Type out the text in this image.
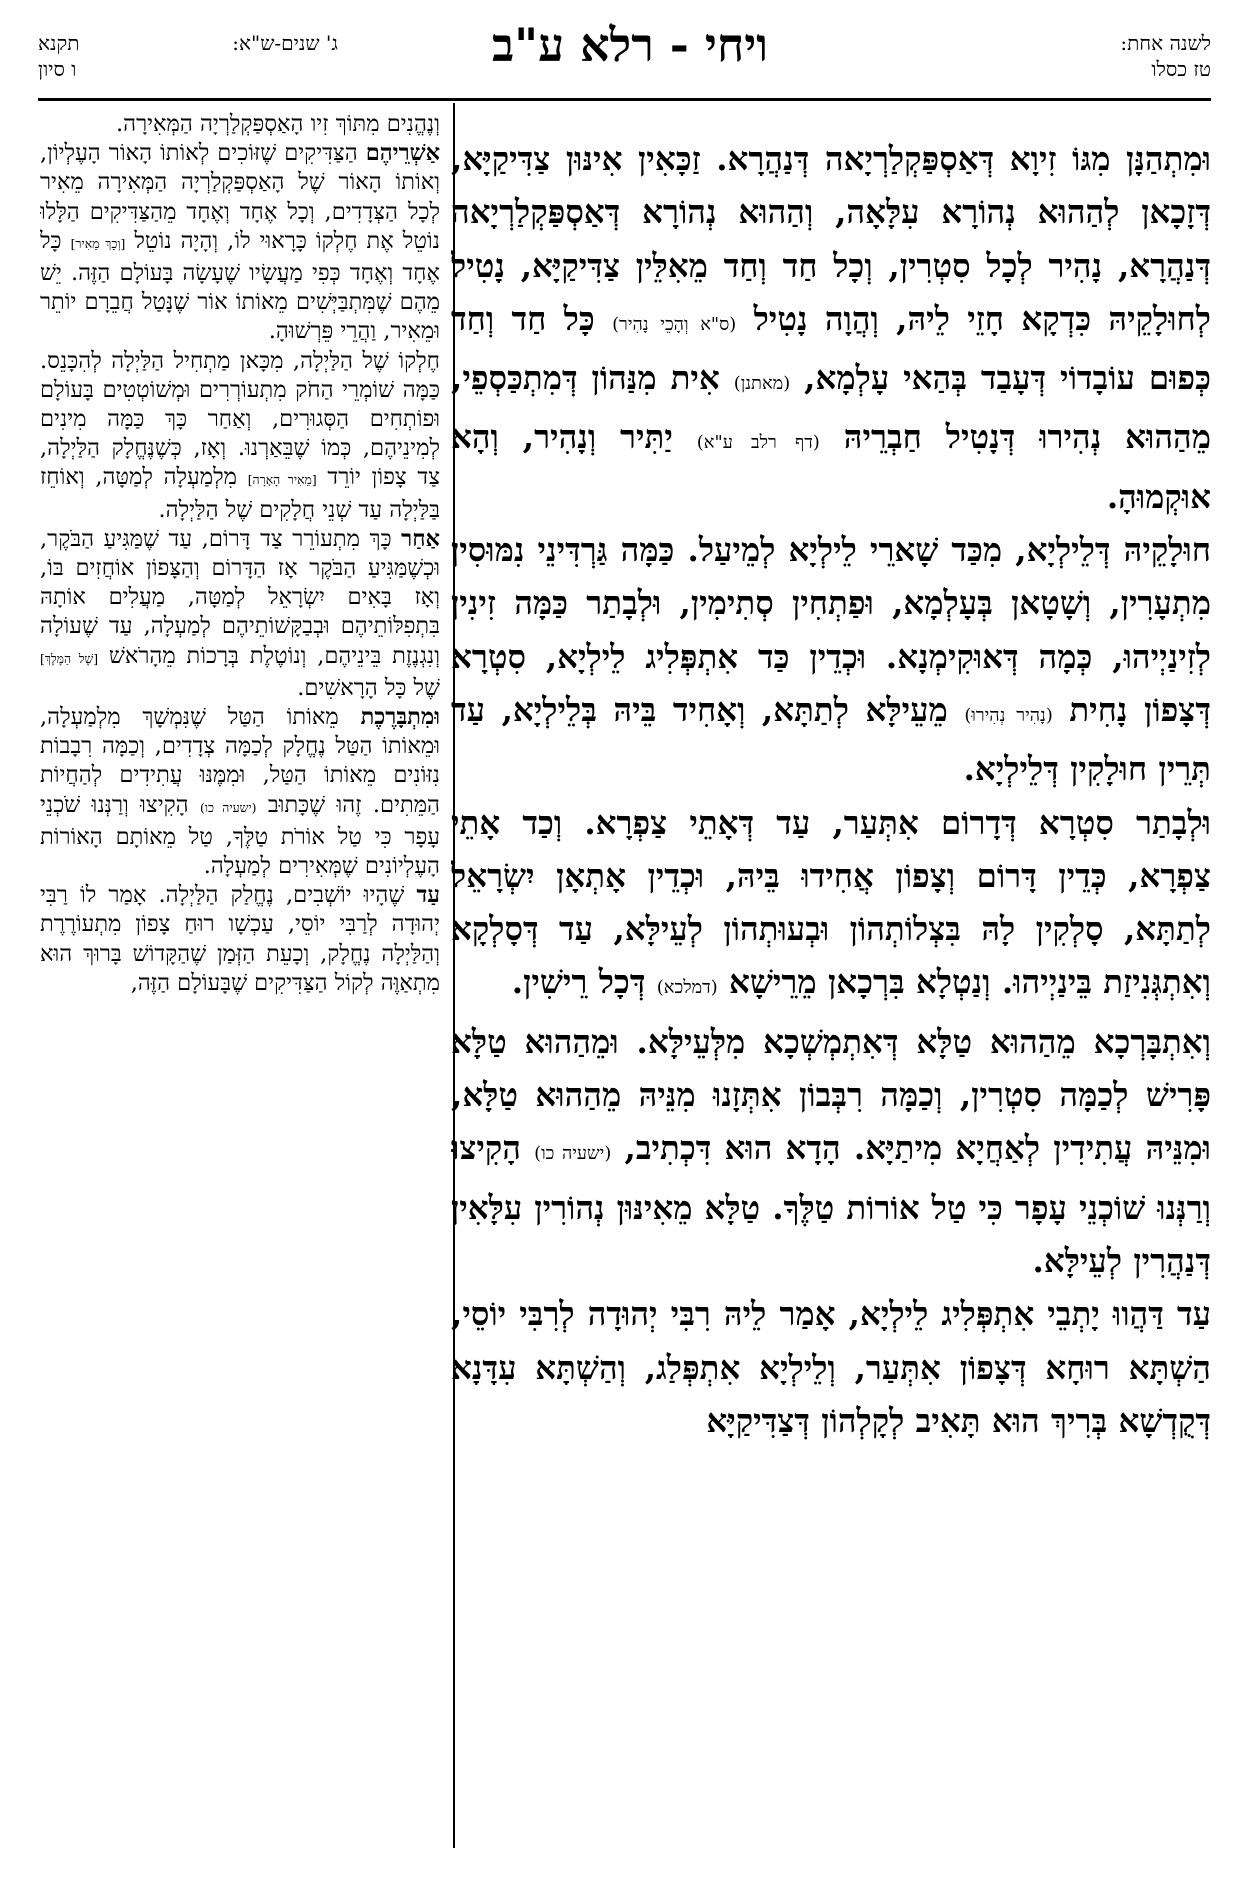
לשנה אחת:
טז כסלו
ויחי - רלא ע"ב
ג' שנים-ש"א:
תקנא
ו סיון

וּמִתְהַנָּן מִגּוֹ זִיוָא דְּאַסְפַּקְלַרְיָאה דְּנַהֲרָא. זַכָּאִין אִינּוּן צַדִּיקַיָּא, דְּזָכָאן לְהַהוּא נְהוֹרָא עִלָּאָה, וְהַהוּא נְהוֹרָא דְּאַסְפַּקְלַרְיָאה דְּנַהֲרָא, נָהִיר לְכָל סִטְרִין, וְכָל חַד וְחַד מֵאִלֵּין צַדִּיקַיָּא, נָטִיל לְחוּלָקֵיהּ כִּדְקָא חָזֵי לֵיהּ, וְהֲוָה נָטִיל (ס"א וְהָכֵי נָהִיר) כָּל חַד וְחַד כְּפוּם עוֹבָדוֹי דְּעָבַד בְּהַאי עָלְמָא, (מאתנן) אִית מִנַּהוֹן דְּמִתְכַּסְפֵי, מֵהַהוּא נְהִירוּ דְּנָטִיל חַבְרֵיהּ (דף רלב ע"א) יַתִּיר וְנָהִיר, וְהָא אוּקְמוּהָ.

חוּלָקֵיהּ דְּלֵילְיָא, מִכַּד שָׁארֵי לֵילְיָא לְמֵיעַל. כַּמָּה גַּרְדִּינֵי נִמּוּסִין מִתְעָרִין, וְשָׁטָאן בְּעָלְמָא, וּפַתְחִין סְתִימִין, וּלְבָתַר כַּמָּה זִינִין לְזִינַיְיהוּ, כְּמָה דְּאוּקִימְנָא. וּכְדֵין כַּד אִתְפְּלִיג לֵילְיָא, סִטְרָא דְּצָפוֹן נָחִית (נָהִיר נְהִירוּ) מֵעֵילָּא לְתַתָּא, וְאָחִיד בֵּיהּ בְּלֵילְיָא, עַד תְּרֵין חוּלָקִין דְּלֵילְיָא.

וּלְבָתַר סִטְרָא דְּדָרוֹם אִתְּעַר, עַד דְּאָתֵי צַפְרָא. וְכַד אָתֵי צַפְרָא, כְּדֵין דָּרוֹם וְצָפוֹן אֲחִידוּ בֵּיהּ, וּכְדֵין אָתְאָן יִשְׂרָאֵל לְתַתָּא, סָלְקִין לָהּ בִּצְלוֹתְהוֹן וּבְעוּתְהוֹן לְעֵילָּא, עַד דְּסָלְקָא וְאִתְגְּנִיזַת בֵּינַיְיהוּ. וְנַטְלָא בִּרְכָאן מֵרֵישָׁא (דמלכא) דְּכָל רֵישִׁין.

וְאִתְבָּרְכָא מֵהַהוּא טַלָּא דְּאִתְמְשְׁכָא מִלְּעֵילָּא. וּמֵהַהוּא טַלָּא פָּרִישׁ לְכַמָּה סִטְרִין, וְכַמָּה רִבְּבוֹן אִתְּזָנוּ מִנֵּיהּ מֵהַהוּא טַלָּא, וּמִנֵּיהּ עֲתִידִין לְאַחֲיָא מִיתַיָּא. הָדָא הוּא דִּכְתִיב, (ישעיה כו) הָקִיצוּ וְרַנְּנוּ שׁוֹכְנֵי עָפָר כִּי טַל אוֹרוֹת טַלֶּךָ. טַלָּא מֵאִינּוּן נְהוֹרִין עִלָּאִין דְּנַהֲרִין לְעֵילָּא.

עַד דַּהֲווּ יָתְבֵי אִתְפְּלִיג לֵילְיָא, אָמַר לֵיהּ רִבִּי יְהוּדָה לְרִבִּי יוֹסֵי, הַשְׁתָּא רוּחָא דְּצָפוֹן אִתְּעַר, וְלֵילְיָא אִתְפְּלַג, וְהַשְׁתָּא עִדָּנָא דְּקֻדְשָׁא בְּרִיךְ הוּא תָּאִיב לְקָלְהוֹן דְּצַדִּיקַיָּא

וְנֶהֱנִים מִתּוֹךְ זִיו הָאַסְפַּקְלַרְיָה הַמְּאִירָה.

אַשְׁרֵיהֶם הַצַּדִּיקִים שֶׁזּוֹכִים לְאוֹתוֹ הָאוֹר הָעֶלְיוֹן, וְאוֹתוֹ הָאוֹר שֶׁל הָאַסְפַּקְלַרְיָה הַמְּאִירָה מֵאִיר לְכָל הַצְּדָדִים, וְכָל אֶחָד וְאֶחָד מֵהַצַּדִּיקִים הַלָּלוּ נוֹטֵל אֶת חֶלְקוֹ כָּרָאוּי לוֹ, וְהָיָה נוֹטֵל [וְכָךְ מֵאִיר] כָּל אֶחָד וְאֶחָד כְּפִי מַעֲשָׂיו שֶׁעָשָׂה בָּעוֹלָם הַזֶּה. יֵשׁ מֵהֶם שֶׁמִּתְבַּיְּשִׁים מֵאוֹתוֹ אוֹר שֶׁנָּטַל חֲבֵרָם יוֹתֵר וּמֵאִיר, וַהֲרֵי פֵּרְשׁוּהָ.

חֶלְקוֹ שֶׁל הַלַּיְלָה, מִכָּאן מַתְחִיל הַלַּיְלָה לְהִכָּנֵס. כַּמָּה שׁוֹמְרֵי הַחֹק מִתְעוֹרְרִים וּמְשׁוֹטְטִים בָּעוֹלָם וּפוֹתְחִים הַסְּגוּרִים, וְאַחַר כָּךְ כַּמָּה מִינִים לְמִינֵיהֶם, כְּמוֹ שֶׁבֵּאַרְנוּ. וְאָז, כְּשֶׁנֶּחֱלָק הַלַּיְלָה, צַד צָפוֹן יוֹרֵד [מֵאִיר הָאָרָה] מִלְמַעְלָה לְמַטָּה, וְאוֹחֵז בַּלַּיְלָה עַד שְׁנֵי חֲלָקִים שֶׁל הַלַּיְלָה.

אַחַר כָּךְ מִתְעוֹרֵר צַד דָּרוֹם, עַד שֶׁמַּגִּיעַ הַבֹּקֶר, וּכְשֶׁמַּגִּיעַ הַבֹּקֶר אָז הַדָּרוֹם וְהַצָּפוֹן אוֹחֲזִים בּוֹ, וְאָז בָּאִים יִשְׂרָאֵל לְמַטָּה, מַעֲלִים אוֹתָהּ בִּתְפִלּוֹתֵיהֶם וּבְבַקָּשׁוֹתֵיהֶם לְמַעְלָה, עַד שֶׁעוֹלָה וְנִגְנֶזֶת בֵּינֵיהֶם, וְנוֹטֶלֶת בְּרָכוֹת מֵהָרֹאשׁ [שֶׁל הַמֶּלֶךְ] שֶׁל כָּל הָרָאשִׁים.

וּמִתְבָּרֶכֶת מֵאוֹתוֹ הַטַּל שֶׁנִּמְשָׁךְ מִלְמַעְלָה, וּמֵאוֹתוֹ הַטַּל נֶחֱלָק לְכַמָּה צְדָדִים, וְכַמָּה רִבָבוֹת נִזּוֹנִים מֵאוֹתוֹ הַטַּל, וּמִמֶּנּוּ עֲתִידִים לְהַחֲיוֹת הַמֵּתִים. זֶהוּ שֶׁכָּתוּב (ישעיה כו) הָקִיצוּ וְרַנְּנוּ שֹׁכְנֵי עָפָר כִּי טַל אוֹרֹת טַלֶּךָ, טַל מֵאוֹתָם הָאוֹרוֹת הָעֶלְיוֹנִים שֶׁמְּאִירִים לְמַעְלָה.

עַד שֶׁהָיוּ יוֹשְׁבִים, נֶחֱלַק הַלַּיְלָה. אָמַר לוֹ רַבִּי יְהוּדָה לְרַבִּי יוֹסֵי, עַכְשָׁו רוּחַ צָפוֹן מִתְעוֹרֶרֶת וְהַלַּיְלָה נֶחֱלָק, וְכָעֵת הַזְּמַן שֶׁהַקָּדוֹשׁ בָּרוּךְ הוּא מִתְאַוֶּה לְקוֹל הַצַּדִּיקִים שֶׁבָּעוֹלָם הַזֶּה,
